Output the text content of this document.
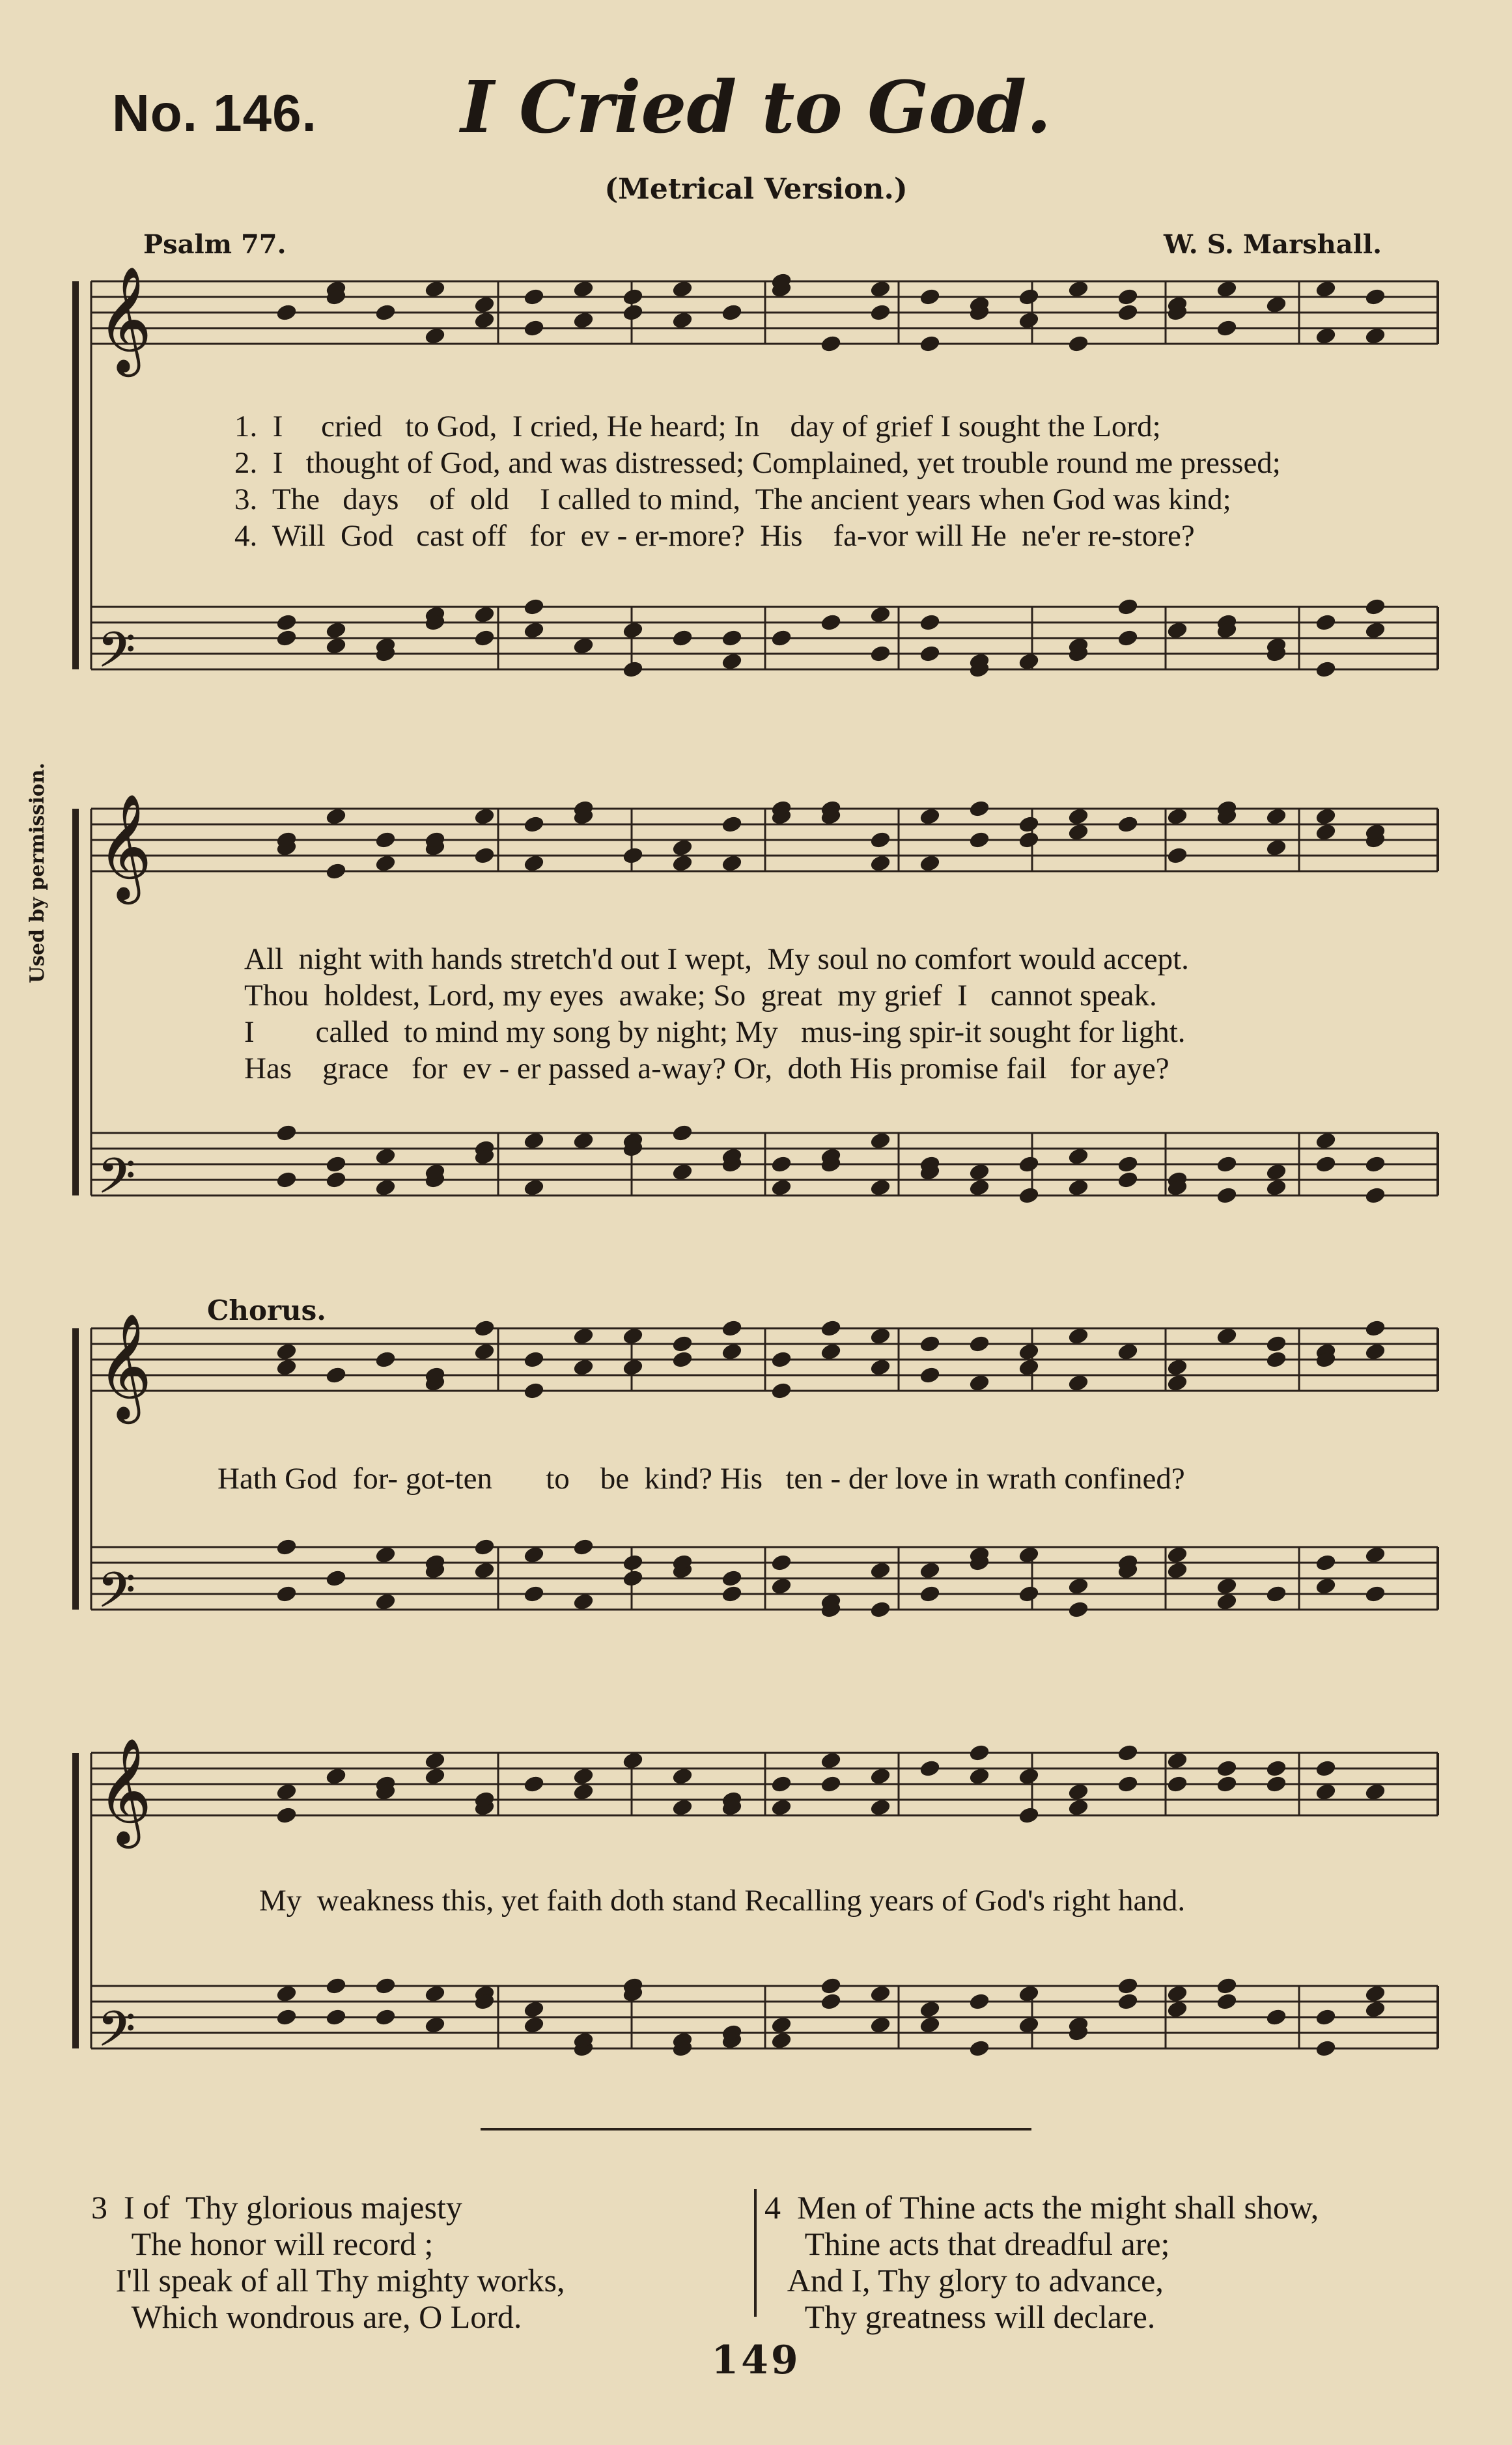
No. 146.	I Cried to God.
(Metrical Version.)
Psalm 77.	W. S. Marshall.
Used by permission.
𝄞
𝄢
𝄞
𝄢
𝄞
𝄢
𝄞
𝄢
1.  I     cried   to God,  I cried, He heard; In    day of grief I sought the Lord;
2.  I   thought of God, and was distressed; Complained, yet trouble round me pressed;
3.  The   days    of  old    I called to mind,  The ancient years when God was kind;
4.  Will  God   cast off   for  ev - er-more?  His    fa-vor will He  ne'er re-store?
All  night with hands stretch'd out I wept,  My soul no comfort would accept.
Thou  holdest, Lord, my eyes  awake; So  great  my grief  I   cannot speak.
I        called  to mind my song by night; My   mus-ing spir-it sought for light.
Has    grace   for  ev - er passed a-way? Or,  doth His promise fail   for aye?
Chorus.
Hath God  for- got-ten       to    be  kind? His   ten - der love in wrath confined?
My  weakness this, yet faith doth stand Recalling years of God's right hand.
3  I of  Thy glorious majesty
The honor will record ;
I'll speak of all Thy mighty works,
Which wondrous are, O Lord.
4  Men of Thine acts the might shall show,
Thine acts that dreadful are;
And I, Thy glory to advance,
Thy greatness will declare.
149
